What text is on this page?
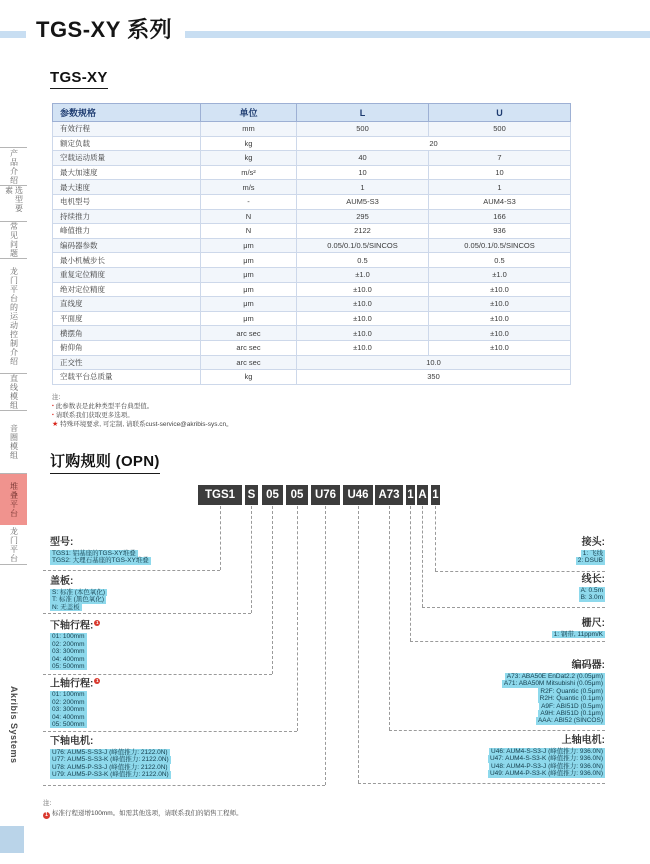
产品介绍
选型要素
常见问题
龙门平台的运动控制介绍
直线模组
音圈模组
堆叠平台
龙门平台
Akribis Systems
TGS-XY 系列
TGS-XY
参数规格	单位	L	U
有效行程	mm	500	500
额定负载	kg	20	
空载运动质量	kg	40	7
最大加速度	m/s²	10	10
最大速度	m/s	1	1
电机型号	-	AUM5-S3	AUM4-S3
持续推力	N	295	166
峰值推力	N	2122	936
编码器参数	μm	0.05/0.1/0.5/SINCOS	0.05/0.1/0.5/SINCOS
最小机械步长	μm	0.5	0.5
重复定位精度	μm	±1.0	±1.0
绝对定位精度	μm	±10.0	±10.0
直线度	μm	±10.0	±10.0
平面度	μm	±10.0	±10.0
横摆角	arc sec	±10.0	±10.0
俯仰角	arc sec	±10.0	±10.0
正交性	arc sec	10.0	
空载平台总质量	kg	350	
注:
▪ 此参数表是此种类型平台典型值。
▪ 请联系我们获取更多选项。
★ 特殊环境要求, 可定制, 请联系cust-service@akribis-sys.cn。
订购规则 (OPN)
TGS1	S 05	05	U76 U46 A73 1 A 1
型号:
TGS1: 铝基座的TGS-XY堆叠
TGS2: 大理石基座的TGS-XY堆叠
盖板:
S: 标准 (本色氧化)
T: 标准 (黑色氧化)
N: 无盖板
下轴行程: 1
01: 100mm
02: 200mm
03: 300mm
04: 400mm
05: 500mm
上轴行程: 1
01: 100mm
02: 200mm
03: 300mm
04: 400mm
05: 500mm
下轴电机:
U76: AUM5-S-S3-J (峰值推力: 2122.0N)
U77: AUM5-S-S3-K (峰值推力: 2122.0N)
U78: AUM5-P-S3-J (峰值推力: 2122.0N)
U79: AUM5-P-S3-K (峰值推力: 2122.0N)
接头:
1: 飞线
2: DSUB
线长:
A: 0.5m
B: 3.0m
栅尺:
1: 钢带, 11ppm/K
编码器:
A73: ABA50E EnDat2.2 (0.05μm)
A71: ABA50M Mitsubishi (0.05μm)
R2F: Quantic (0.5μm)
R2H: Quantic (0.1μm)
A9F: ABI51D (0.5μm)
A9H: ABI51D (0.1μm)
AAA: ABI52 (SINCOS)
上轴电机:
U46: AUM4-S-S3-J (峰值推力: 936.0N)
U47: AUM4-S-S3-K (峰值推力: 936.0N)
U48: AUM4-P-S3-J (峰值推力: 936.0N)
U49: AUM4-P-S3-K (峰值推力: 936.0N)
注:
1 标准行程递增100mm。如需其他选项，请联系我们的销售工程师。
